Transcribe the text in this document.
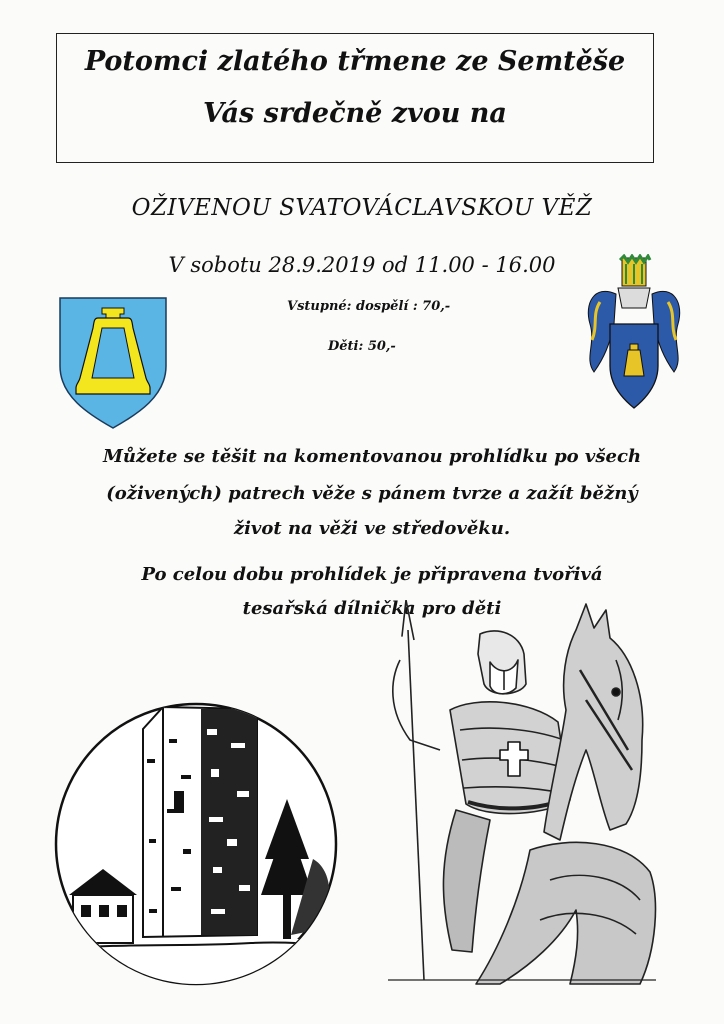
Potomci zlatého třmene ze Semtěše
Vás srdečně zvou na
OŽIVENOU SVATOVÁCLAVSKOU VĚŽ
V sobotu 28.9.2019 od 11.00 - 16.00
Vstupné: dospělí : 70,-
Děti: 50,-
Můžete se těšit na komentovanou prohlídku po všech
(oživených) patrech věže s pánem tvrze a zažít běžný
život na věži ve středověku.
Po celou dobu prohlídek je připravena tvořivá
tesařská dílnička pro děti
